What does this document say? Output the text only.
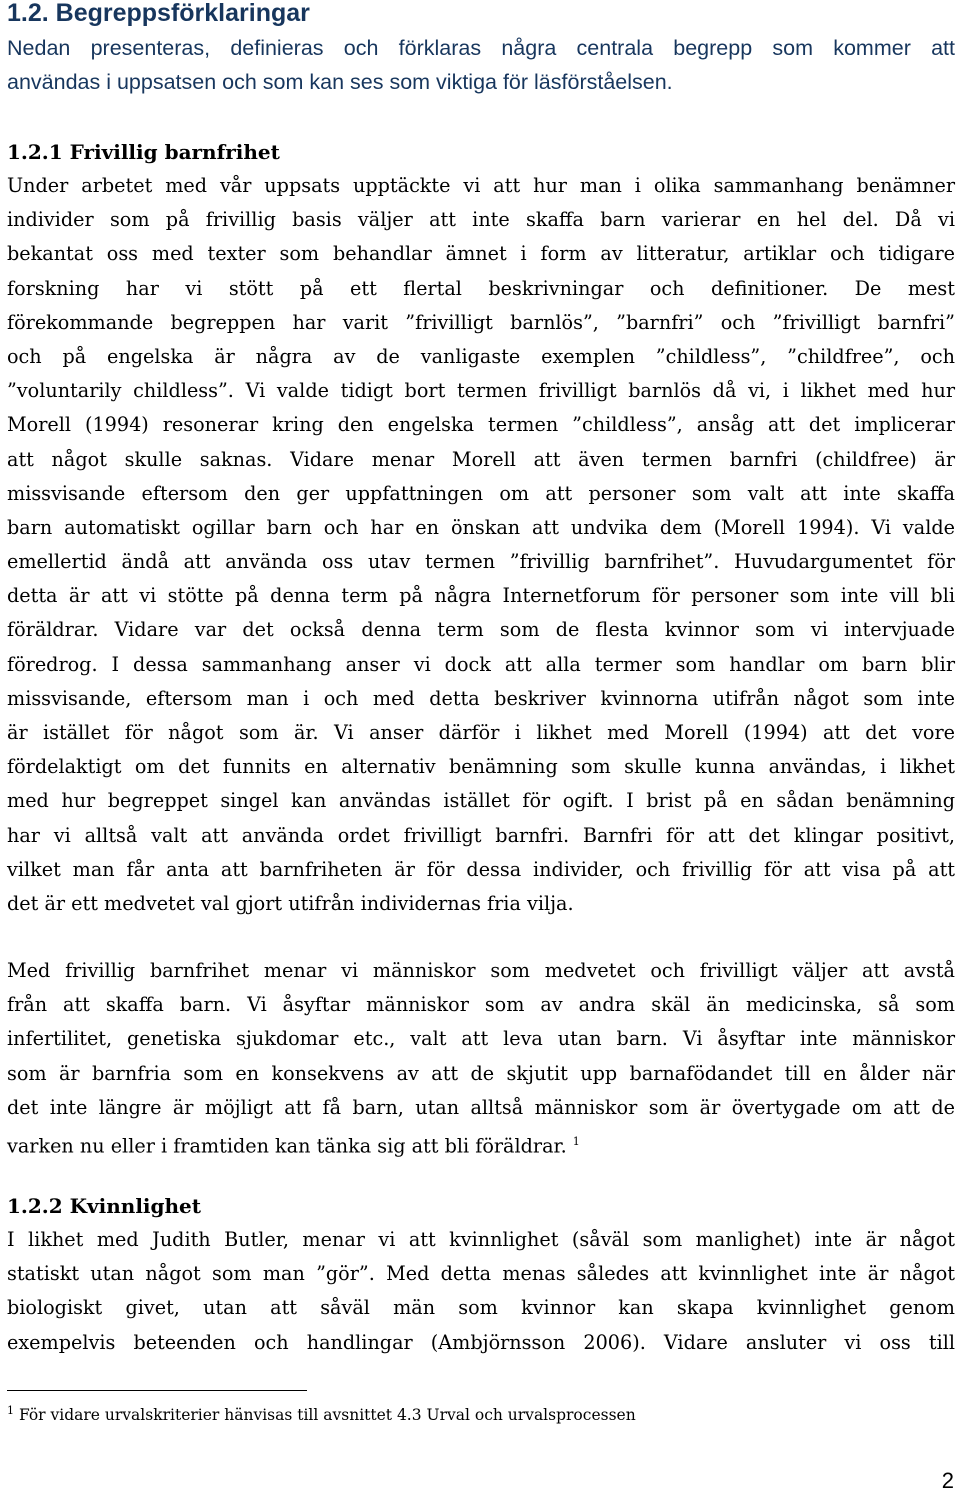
1.2. Begreppsförklaringar
Nedan presenteras, definieras och förklaras några centrala begrepp som kommer att
användas i uppsatsen och som kan ses som viktiga för läsförståelsen.
1.2.1 Frivillig barnfrihet
Under arbetet med vår uppsats upptäckte vi att hur man i olika sammanhang benämner
individer som på frivillig basis väljer att inte skaffa barn varierar en hel del. Då vi
bekantat oss med texter som behandlar ämnet i form av litteratur, artiklar och tidigare
forskning har vi stött på ett flertal beskrivningar och definitioner. De mest
förekommande begreppen har varit ”frivilligt barnlös”, ”barnfri” och ”frivilligt barnfri”
och på engelska är några av de vanligaste exemplen ”childless”, ”childfree”, och
”voluntarily childless”. Vi valde tidigt bort termen frivilligt barnlös då vi, i likhet med hur
Morell (1994) resonerar kring den engelska termen ”childless”, ansåg att det implicerar
att något skulle saknas. Vidare menar Morell att även termen barnfri (childfree) är
missvisande eftersom den ger uppfattningen om att personer som valt att inte skaffa
barn automatiskt ogillar barn och har en önskan att undvika dem (Morell 1994). Vi valde
emellertid ändå att använda oss utav termen ”frivillig barnfrihet”. Huvudargumentet för
detta är att vi stötte på denna term på några Internetforum för personer som inte vill bli
föräldrar. Vidare var det också denna term som de flesta kvinnor som vi intervjuade
föredrog. I dessa sammanhang anser vi dock att alla termer som handlar om barn blir
missvisande, eftersom man i och med detta beskriver kvinnorna utifrån något som inte
är istället för något som är. Vi anser därför i likhet med Morell (1994) att det vore
fördelaktigt om det funnits en alternativ benämning som skulle kunna användas, i likhet
med hur begreppet singel kan användas istället för ogift. I brist på en sådan benämning
har vi alltså valt att använda ordet frivilligt barnfri. Barnfri för att det klingar positivt,
vilket man får anta att barnfriheten är för dessa individer, och frivillig för att visa på att
det är ett medvetet val gjort utifrån individernas fria vilja.
Med frivillig barnfrihet menar vi människor som medvetet och frivilligt väljer att avstå
från att skaffa barn. Vi åsyftar människor som av andra skäl än medicinska, så som
infertilitet, genetiska sjukdomar etc., valt att leva utan barn. Vi åsyftar inte människor
som är barnfria som en konsekvens av att de skjutit upp barnafödandet till en ålder när
det inte längre är möjligt att få barn, utan alltså människor som är övertygade om att de
varken nu eller i framtiden kan tänka sig att bli föräldrar. $^1$
1.2.2 Kvinnlighet
I likhet med Judith Butler, menar vi att kvinnlighet (såväl som manlighet) inte är något
statiskt utan något som man ”gör”. Med detta menas således att kvinnlighet inte är något
biologiskt givet, utan att såväl män som kvinnor kan skapa kvinnlighet genom
exempelvis beteenden och handlingar (Ambjörnsson 2006). Vidare ansluter vi oss till
$^1$ För vidare urvalskriterier hänvisas till avsnittet 4.3 Urval och urvalsprocessen
2
